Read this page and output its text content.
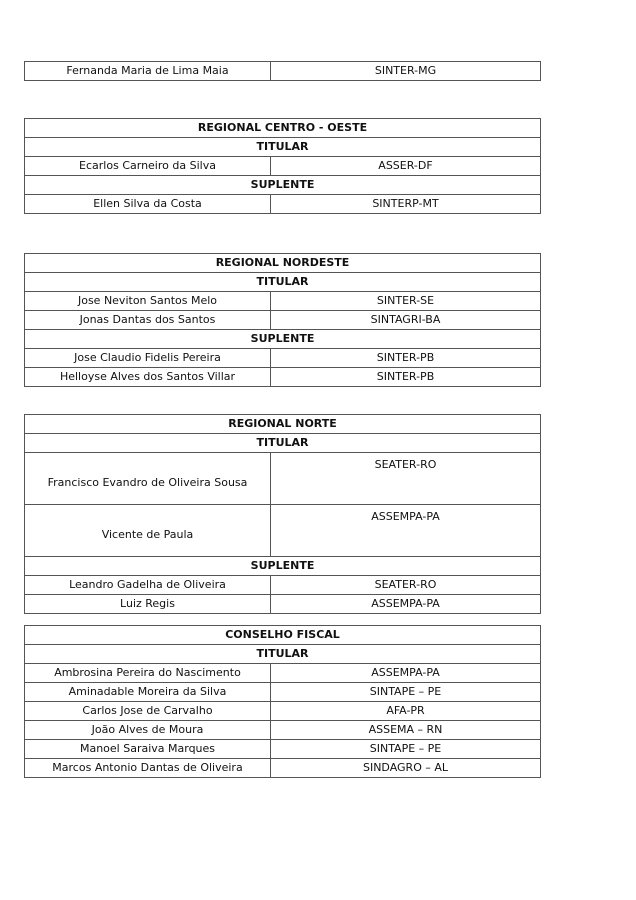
Fernanda Maria de Lima Maia	SINTER-MG
REGIONAL CENTRO - OESTE	
TITULAR	
Ecarlos Carneiro da Silva	ASSER-DF
SUPLENTE	
Ellen Silva da Costa	SINTERP-MT
REGIONAL NORDESTE	
TITULAR	
Jose Neviton Santos Melo	SINTER-SE
Jonas Dantas dos Santos	SINTAGRI-BA
SUPLENTE	
Jose Claudio Fidelis Pereira	SINTER-PB
Helloyse Alves dos Santos Villar	SINTER-PB
REGIONAL NORTE	
TITULAR	
Francisco Evandro de Oliveira Sousa	SEATER-RO
Vicente de Paula	ASSEMPA-PA
SUPLENTE	
Leandro Gadelha de Oliveira	SEATER-RO
Luiz Regis	ASSEMPA-PA
CONSELHO FISCAL	
TITULAR	
Ambrosina Pereira do Nascimento	ASSEMPA-PA
Aminadable Moreira da Silva	SINTAPE – PE
Carlos Jose de Carvalho	AFA-PR
João Alves de Moura	ASSEMA – RN
Manoel Saraiva Marques	SINTAPE – PE
Marcos Antonio Dantas de Oliveira	SINDAGRO – AL
